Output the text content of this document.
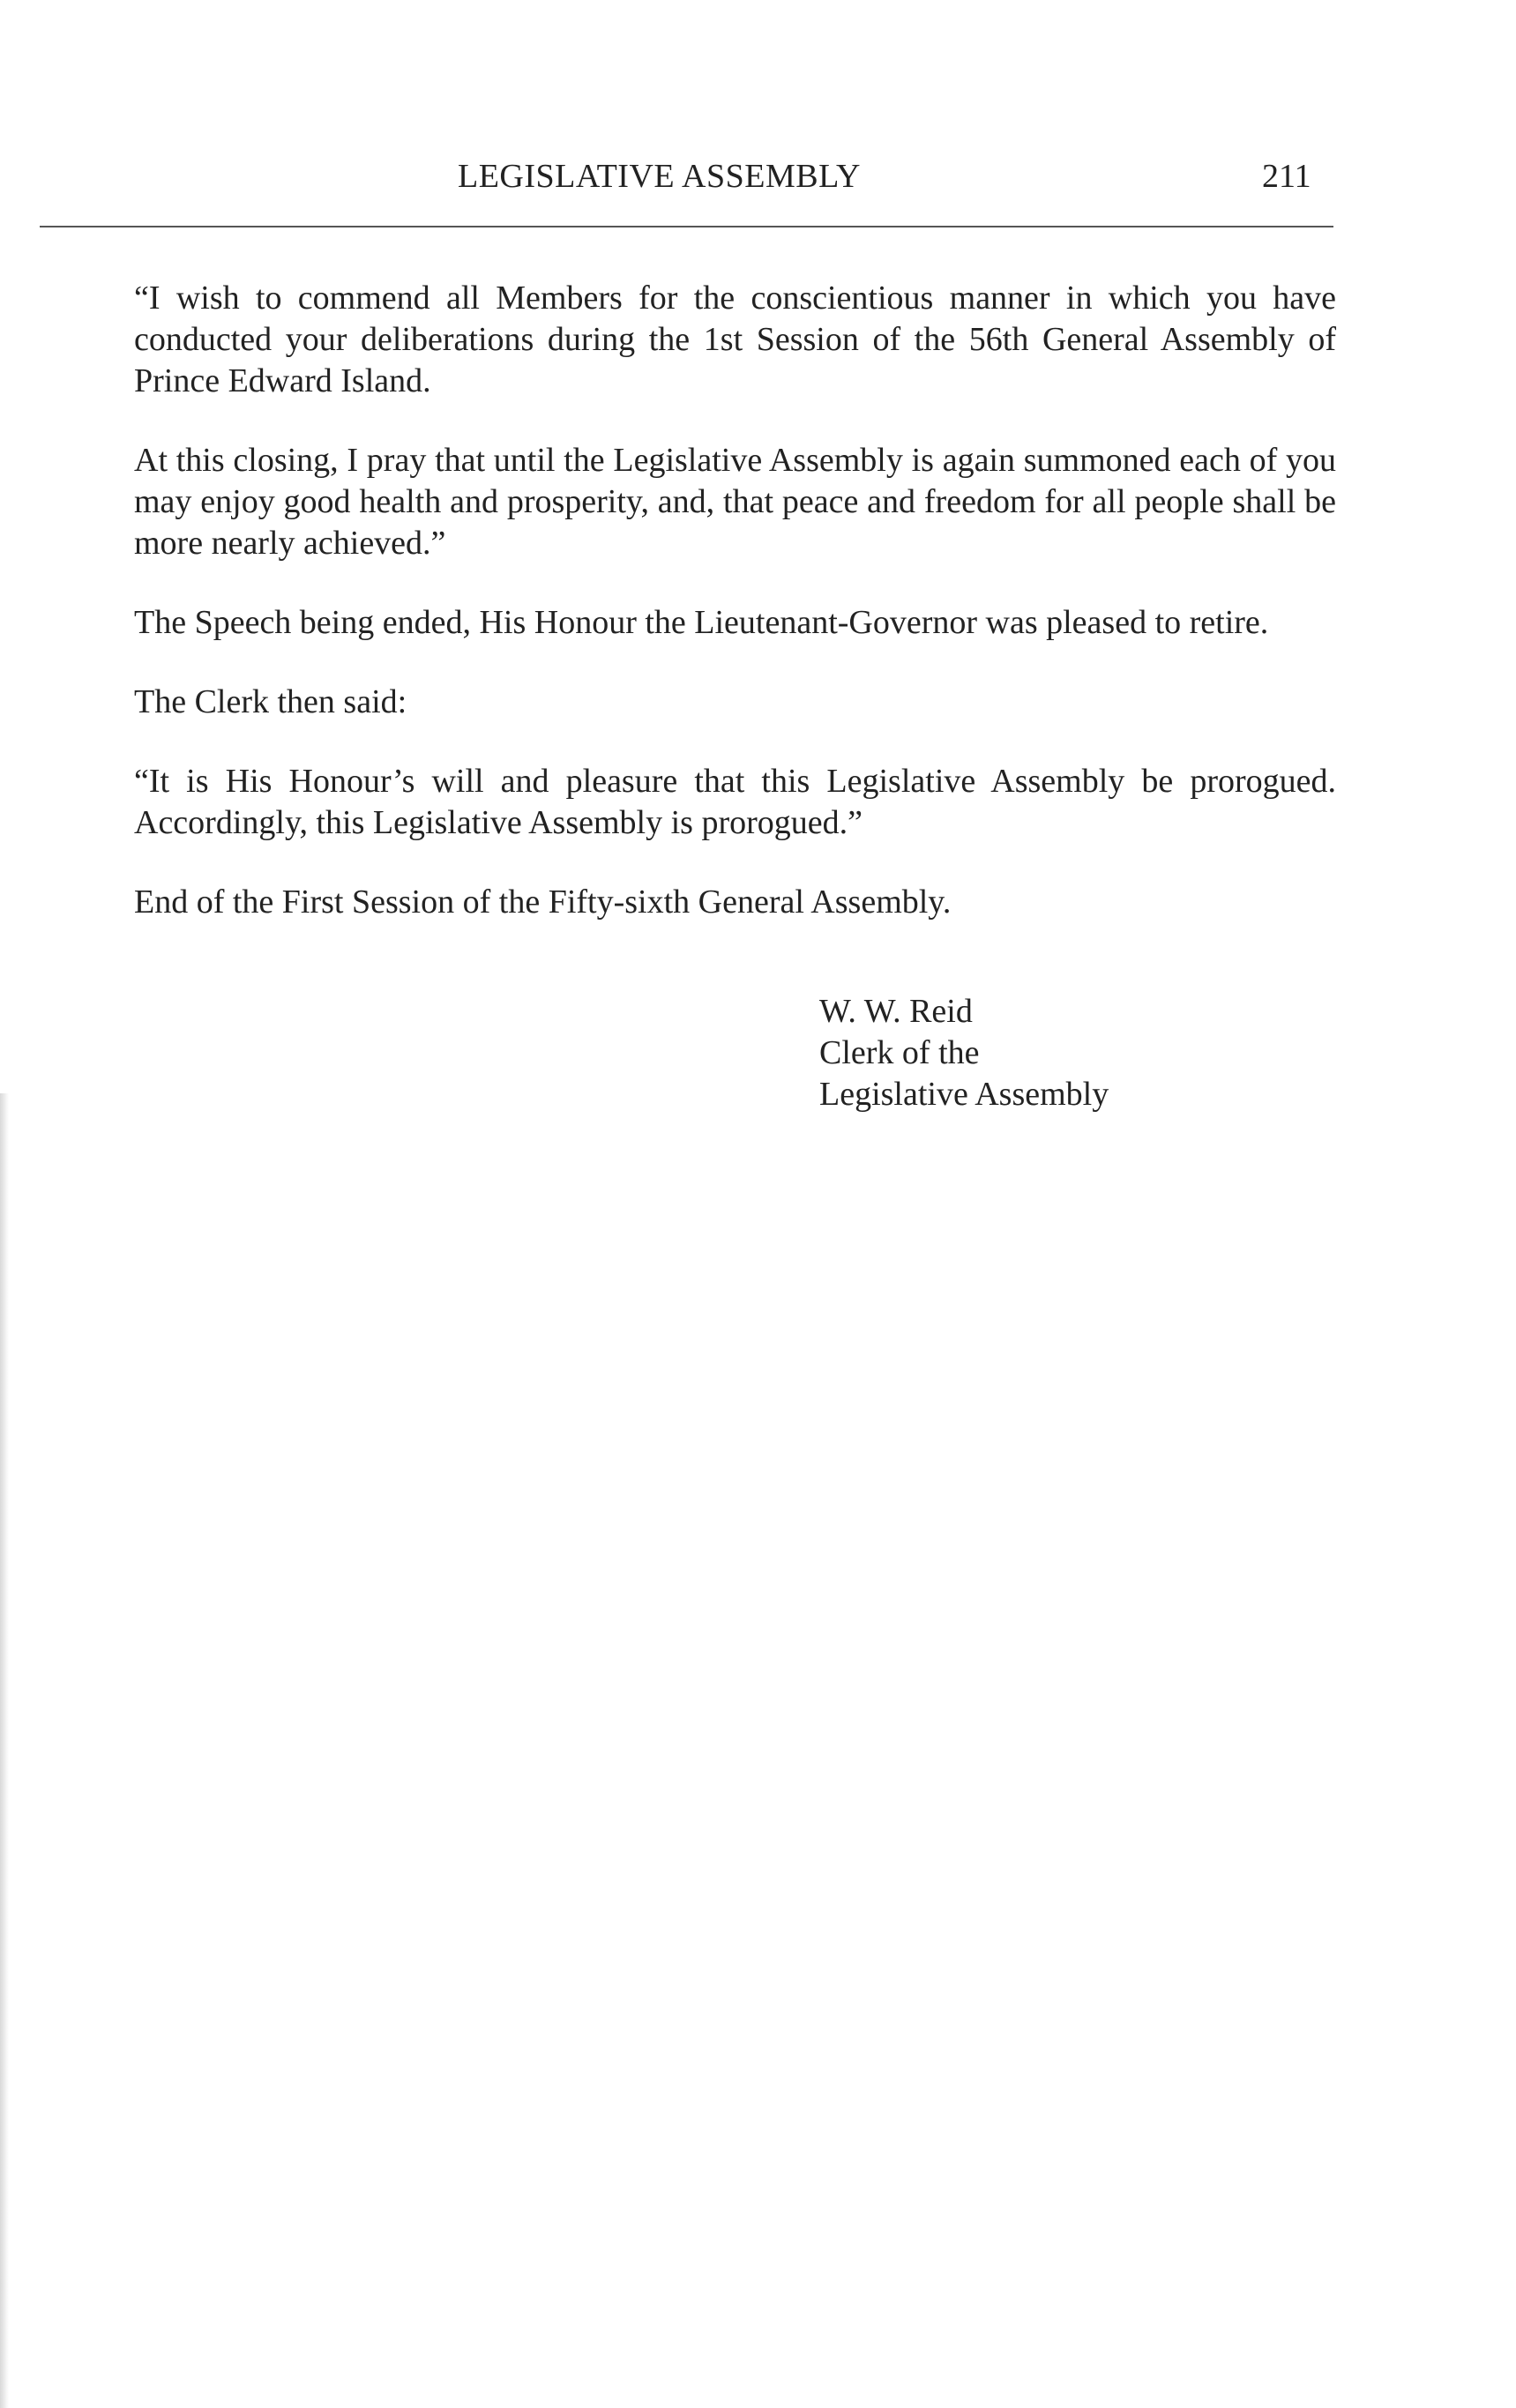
LEGISLATIVE ASSEMBLY	211

“I wish to commend all Members for the conscientious manner in which you have conducted your deliberations during the 1st Session of the 56th General Assembly of Prince Edward Island.

At this closing, I pray that until the Legislative Assembly is again summoned each of you may enjoy good health and prosperity, and, that peace and freedom for all people shall be more nearly achieved.”

The Speech being ended, His Honour the Lieutenant-Governor was pleased to retire.

The Clerk then said:

“It is His Honour’s will and pleasure that this Legislative Assembly be prorogued. Accordingly, this Legislative Assembly is prorogued.”

End of the First Session of the Fifty-sixth General Assembly.

W. W. Reid
Clerk of the
Legislative Assembly
